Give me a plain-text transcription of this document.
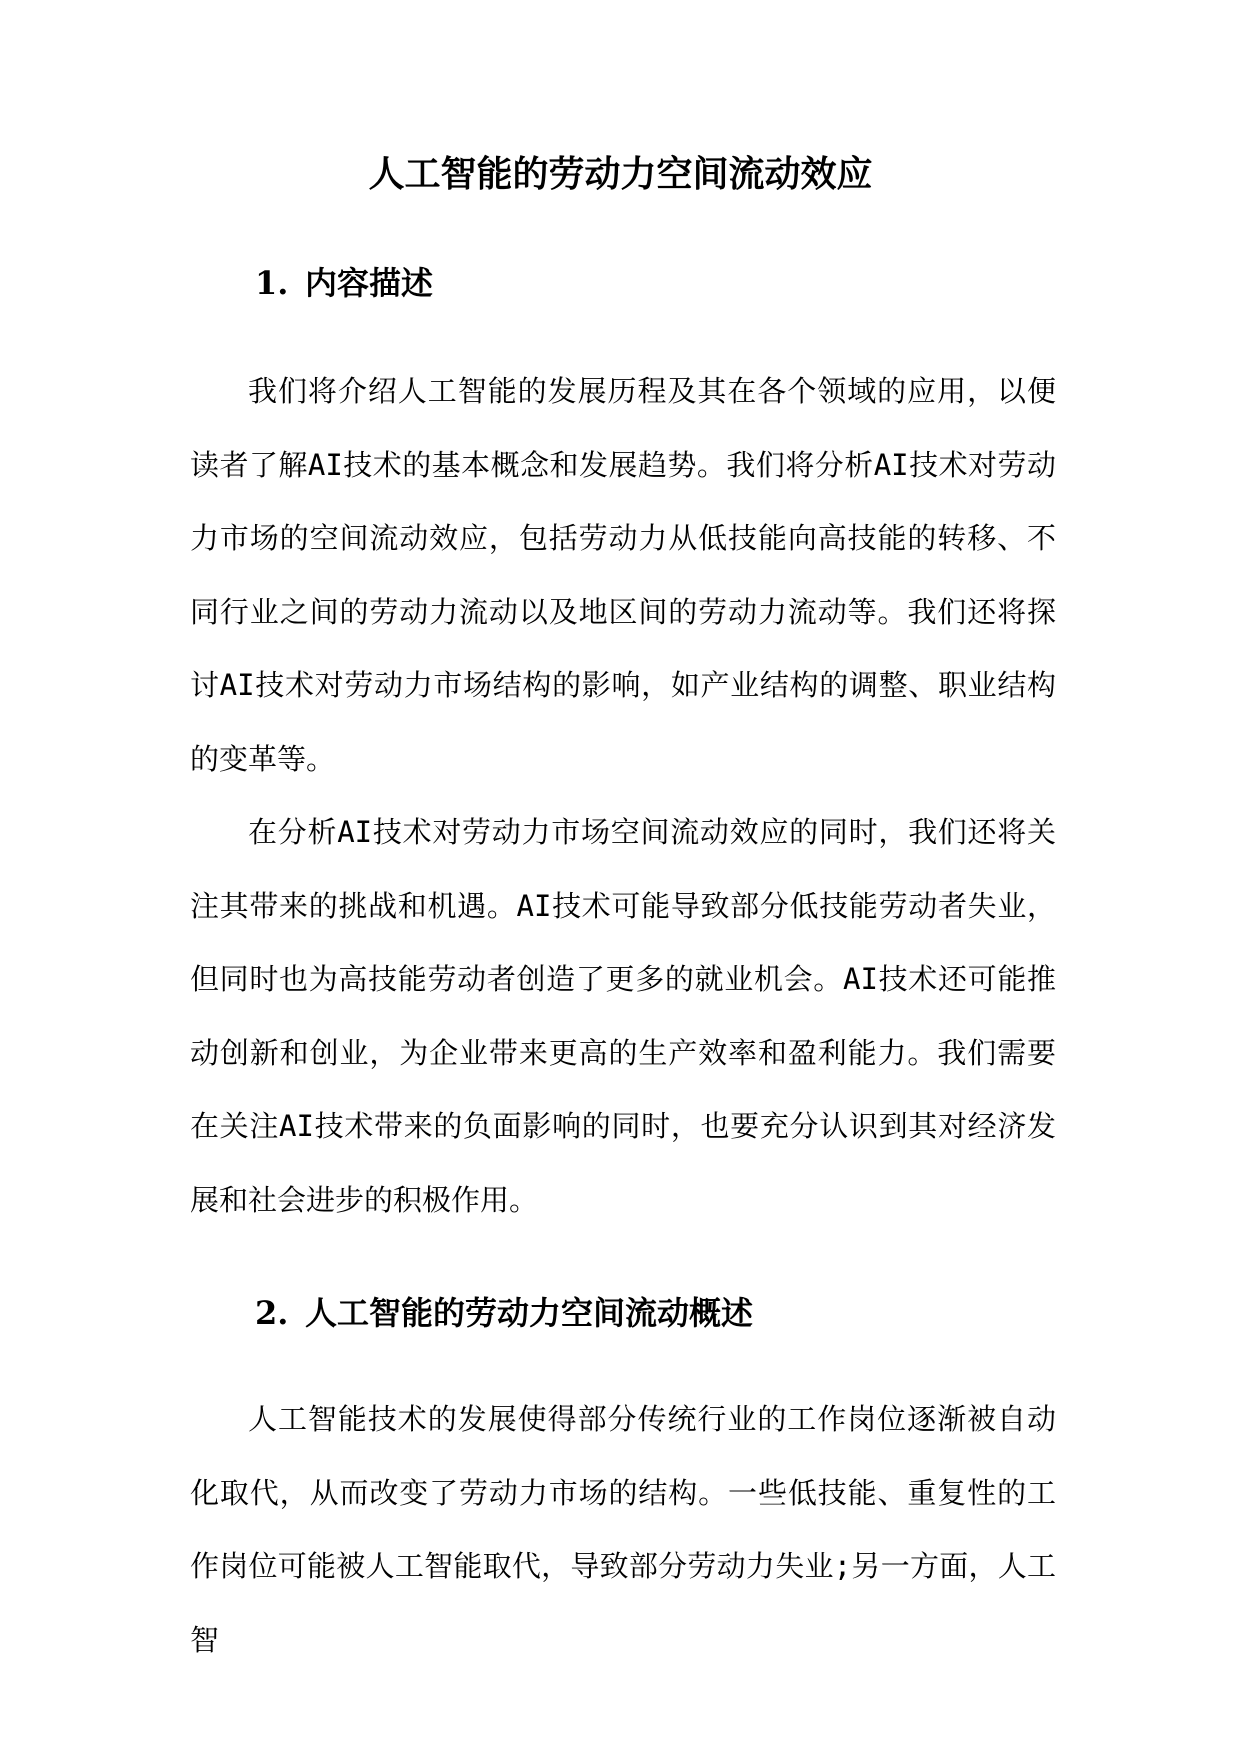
人工智能的劳动力空间流动效应
1. 内容描述

我们将介绍人工智能的发展历程及其在各个领域的应用，以便读者了解AI技术的基本概念和发展趋势。我们将分析AI技术对劳动力市场的空间流动效应，包括劳动力从低技能向高技能的转移、不同行业之间的劳动力流动以及地区间的劳动力流动等。我们还将探讨AI技术对劳动力市场结构的影响，如产业结构的调整、职业结构的变革等。

在分析AI技术对劳动力市场空间流动效应的同时，我们还将关注其带来的挑战和机遇。AI技术可能导致部分低技能劳动者失业，但同时也为高技能劳动者创造了更多的就业机会。AI技术还可能推动创新和创业，为企业带来更高的生产效率和盈利能力。我们需要在关注AI技术带来的负面影响的同时，也要充分认识到其对经济发展和社会进步的积极作用。

2. 人工智能的劳动力空间流动概述

人工智能技术的发展使得部分传统行业的工作岗位逐渐被自动化取代，从而改变了劳动力市场的结构。一些低技能、重复性的工作岗位可能被人工智能取代，导致部分劳动力失业;另一方面，人工智
